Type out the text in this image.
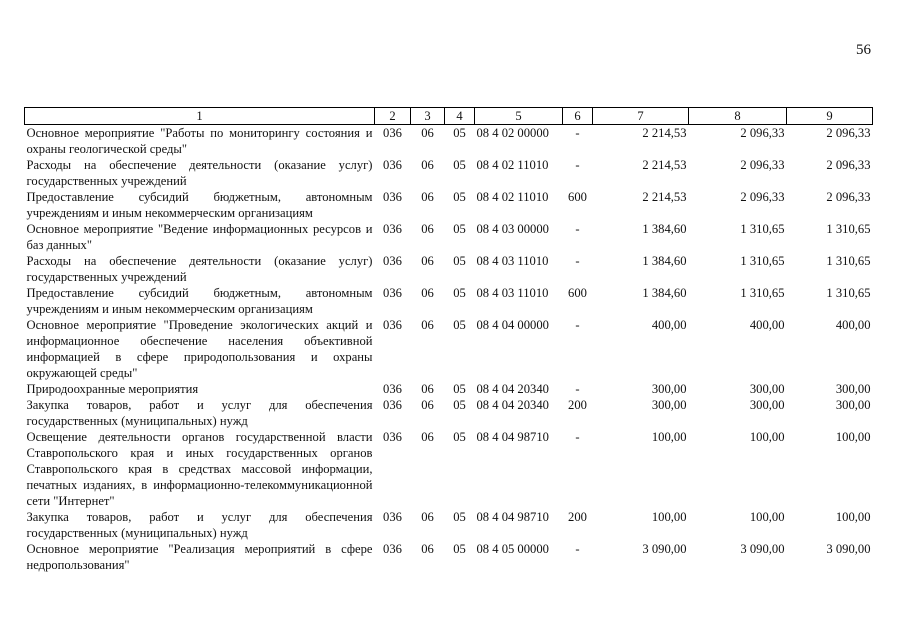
56
1	2	3	4	5	6	7	8	9
Основное мероприятие "Работы по мониторингу состояния и охраны геологической среды"	036	06	05	08 4 02 00000	-	2 214,53	2 096,33	2 096,33
Расходы на обеспечение деятельности (оказание услуг) государственных учреждений	036	06	05	08 4 02 11010	-	2 214,53	2 096,33	2 096,33
Предоставление субсидий бюджетным, автономным учреждениям и иным некоммерческим организациям	036	06	05	08 4 02 11010	600	2 214,53	2 096,33	2 096,33
Основное мероприятие "Ведение информационных ресурсов и баз данных"	036	06	05	08 4 03 00000	-	1 384,60	1 310,65	1 310,65
Расходы на обеспечение деятельности (оказание услуг) государственных учреждений	036	06	05	08 4 03 11010	-	1 384,60	1 310,65	1 310,65
Предоставление субсидий бюджетным, автономным учреждениям и иным некоммерческим организациям	036	06	05	08 4 03 11010	600	1 384,60	1 310,65	1 310,65
Основное мероприятие "Проведение экологических акций и информационное обеспечение населения объективной информацией в сфере природопользования и охраны окружающей среды"	036	06	05	08 4 04 00000	-	400,00	400,00	400,00
Природоохранные мероприятия	036	06	05	08 4 04 20340	-	300,00	300,00	300,00
Закупка товаров, работ и услуг для обеспечения государственных (муниципальных) нужд	036	06	05	08 4 04 20340	200	300,00	300,00	300,00
Освещение деятельности органов государственной власти Ставропольского края и иных государственных органов Ставропольского края в средствах массовой информации, печатных изданиях, в информационно-телекоммуникационной сети "Интернет"	036	06	05	08 4 04 98710	-	100,00	100,00	100,00
Закупка товаров, работ и услуг для обеспечения государственных (муниципальных) нужд	036	06	05	08 4 04 98710	200	100,00	100,00	100,00
Основное мероприятие "Реализация мероприятий в сфере недропользования"	036	06	05	08 4 05 00000	-	3 090,00	3 090,00	3 090,00
